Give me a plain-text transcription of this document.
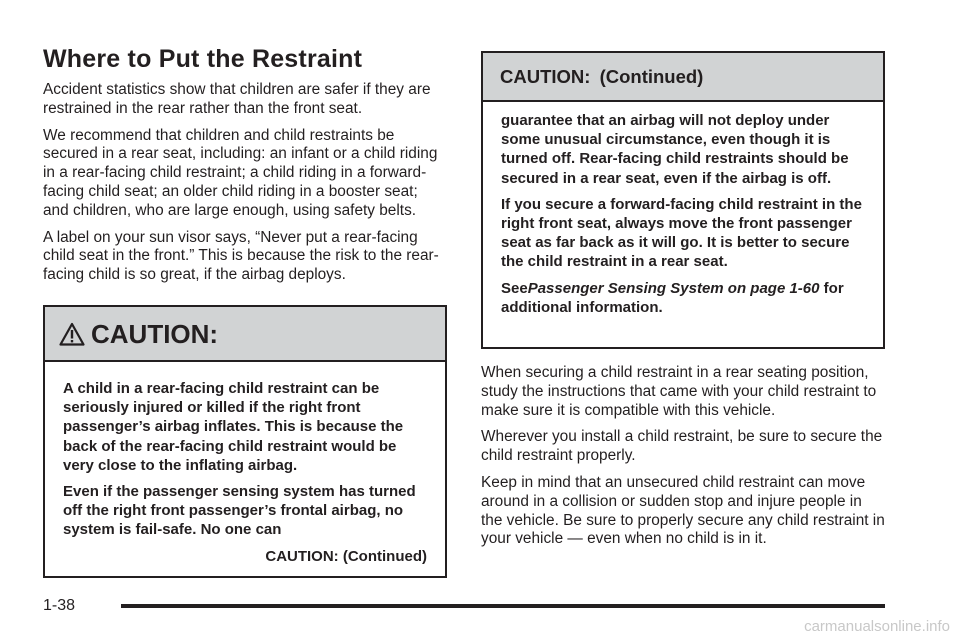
Where to Put the Restraint

Accident statistics show that children are safer if they are restrained in the rear rather than the front seat.

We recommend that children and child restraints be secured in a rear seat, including: an infant or a child riding in a rear-facing child restraint; a child riding in a forward-facing child seat; an older child riding in a booster seat; and children, who are large enough, using safety belts.

A label on your sun visor says, “Never put a rear-facing child seat in the front.” This is because the risk to the rear-facing child is so great, if the airbag deploys.

CAUTION:

A child in a rear-facing child restraint can be seriously injured or killed if the right front passenger’s airbag inflates. This is because the back of the rear-facing child restraint would be very close to the inflating airbag.

Even if the passenger sensing system has turned off the right front passenger’s frontal airbag, no system is fail-safe. No one can

CAUTION: (Continued)

CAUTION: (Continued)

guarantee that an airbag will not deploy under some unusual circumstance, even though it is turned off. Rear-facing child restraints should be secured in a rear seat, even if the airbag is off.

If you secure a forward-facing child restraint in the right front seat, always move the front passenger seat as far back as it will go. It is better to secure the child restraint in a rear seat.

SeePassenger Sensing System on page 1-60 for additional information.

When securing a child restraint in a rear seating position, study the instructions that came with your child restraint to make sure it is compatible with this vehicle.

Wherever you install a child restraint, be sure to secure the child restraint properly.

Keep in mind that an unsecured child restraint can move around in a collision or sudden stop and injure people in the vehicle. Be sure to properly secure any child restraint in your vehicle — even when no child is in it.

1-38
carmanualsonline.info
